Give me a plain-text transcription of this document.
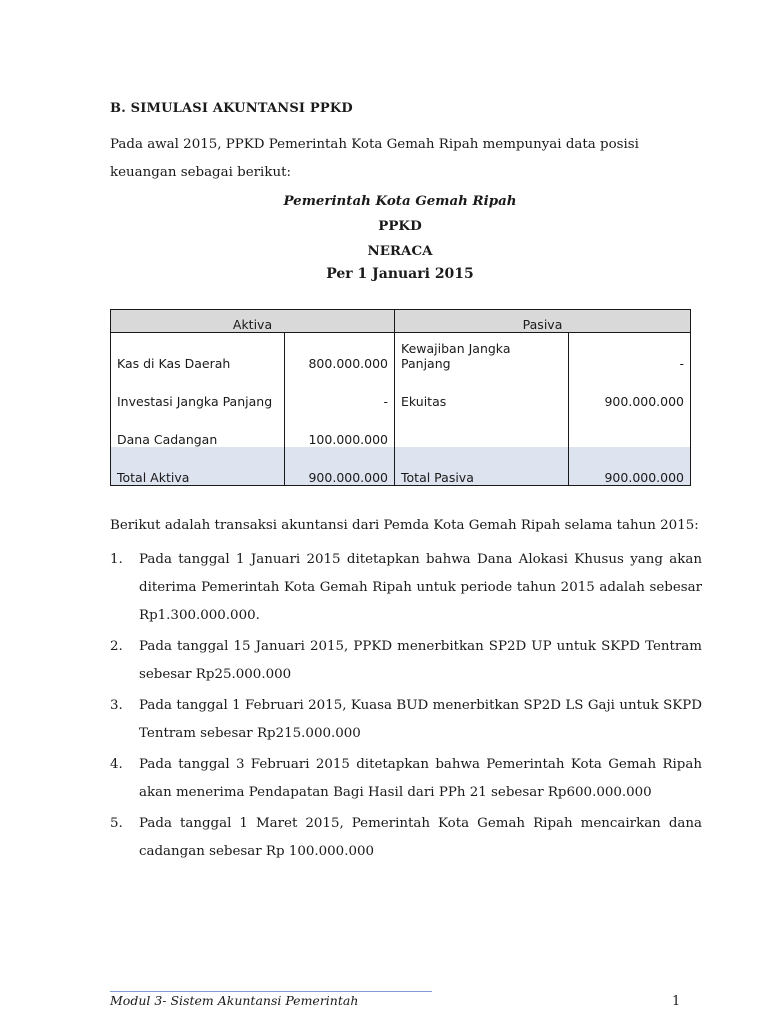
B. SIMULASI AKUNTANSI PPKD
Pada awal 2015, PPKD Pemerintah Kota Gemah Ripah mempunyai data posisi keuangan sebagai berikut:
Pemerintah Kota Gemah Ripah
PPKD
NERACA
Per 1 Januari 2015
Aktiva		Pasiva	
Kas di Kas Daerah	800.000.000	Kewajiban Jangka Panjang	-
Investasi Jangka Panjang	-	Ekuitas	900.000.000
Dana Cadangan	100.000.000		
Total Aktiva	900.000.000	Total Pasiva	900.000.000

Berikut adalah transaksi akuntansi dari Pemda Kota Gemah Ripah selama tahun 2015:

1. Pada tanggal 1 Januari 2015 ditetapkan bahwa Dana Alokasi Khusus yang akan diterima Pemerintah Kota Gemah Ripah untuk periode tahun 2015 adalah sebesar Rp1.300.000.000.
2. Pada tanggal 15 Januari 2015, PPKD menerbitkan SP2D UP untuk SKPD Tentram sebesar Rp25.000.000
3. Pada tanggal 1 Februari 2015, Kuasa BUD menerbitkan SP2D LS Gaji untuk SKPD Tentram sebesar Rp215.000.000
4. Pada tanggal 3 Februari 2015 ditetapkan bahwa Pemerintah Kota Gemah Ripah akan menerima Pendapatan Bagi Hasil dari PPh 21 sebesar Rp600.000.000
5. Pada tanggal 1 Maret 2015, Pemerintah Kota Gemah Ripah mencairkan dana cadangan sebesar Rp 100.000.000
Modul 3- Sistem Akuntansi Pemerintah	1
